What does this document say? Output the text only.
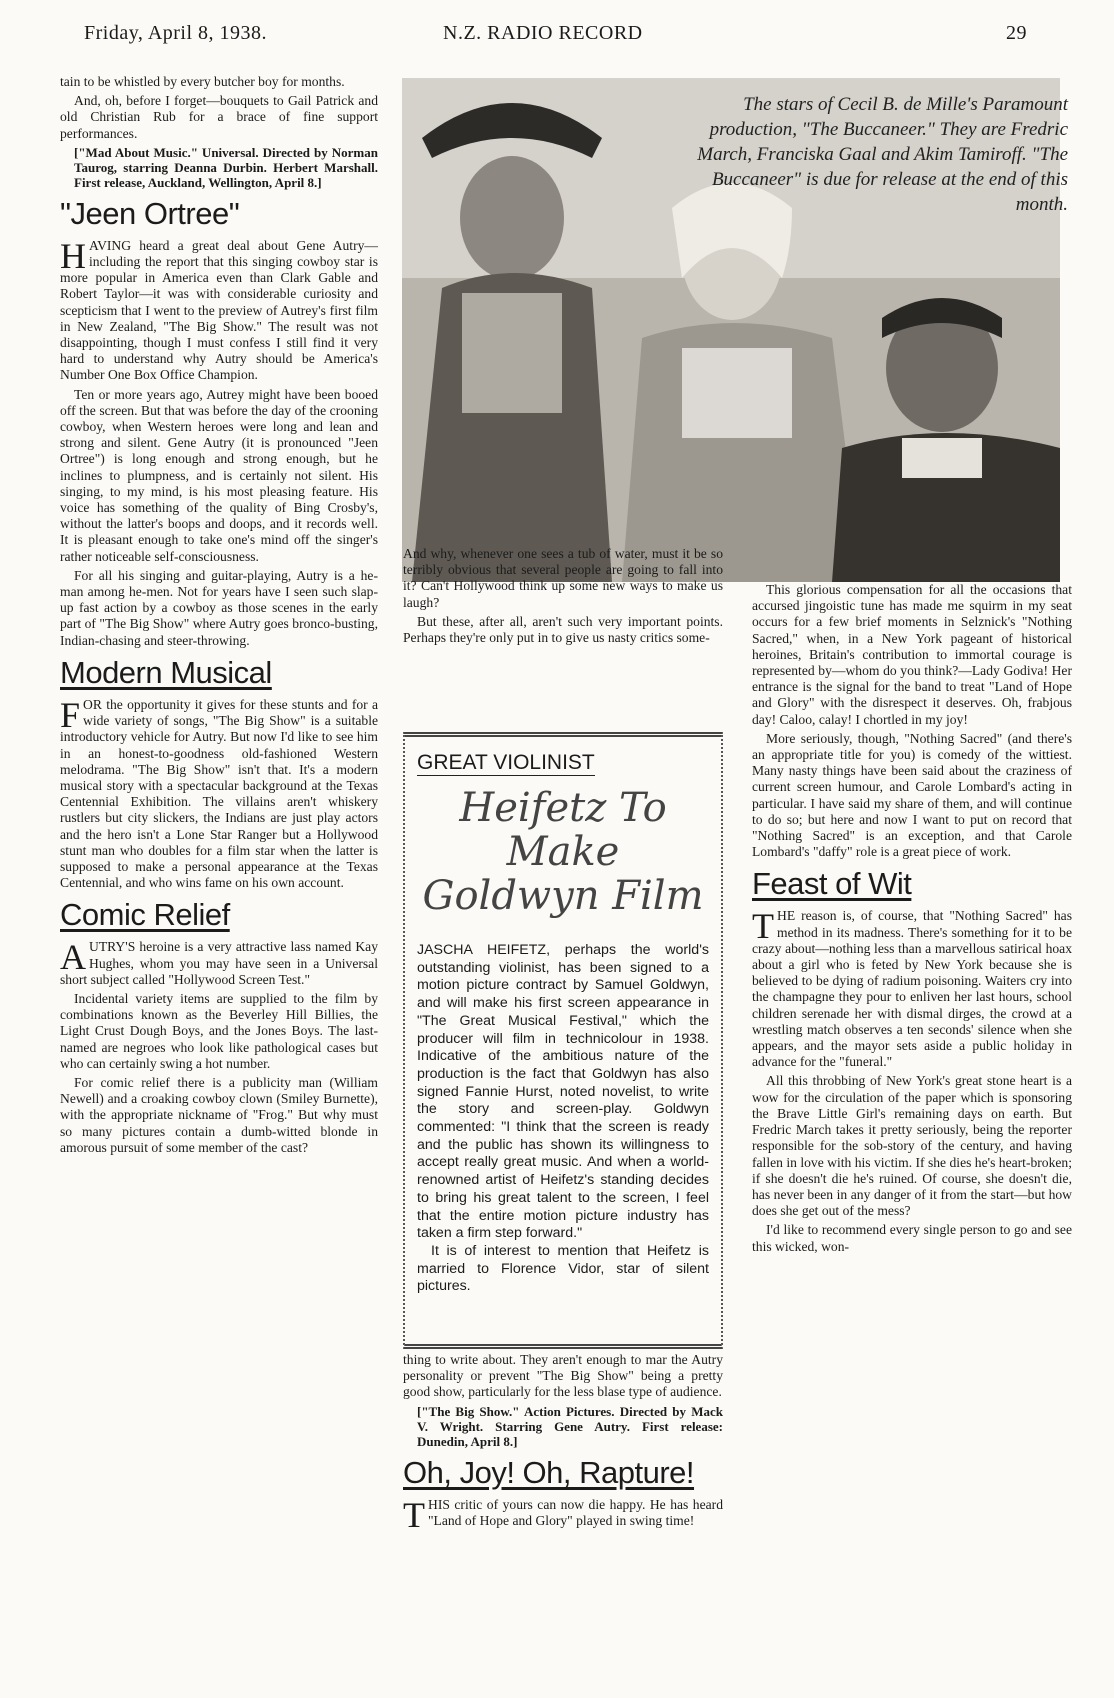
Friday, April 8, 1938.	N.Z. RADIO RECORD	29

tain to be whistled by every butcher boy for months.

And, oh, before I forget—bouquets to Gail Patrick and old Christian Rub for a brace of fine support performances.

["Mad About Music." Universal. Directed by Norman Taurog, starring Deanna Durbin. Herbert Marshall. First release, Auckland, Wellington, April 8.]

"Jeen Ortree"

HAVING heard a great deal about Gene Autry—including the report that this singing cowboy star is more popular in America even than Clark Gable and Robert Taylor—it was with considerable curiosity and scepticism that I went to the preview of Autrey's first film in New Zealand, "The Big Show." The result was not disappointing, though I must confess I still find it very hard to understand why Autry should be America's Number One Box Office Champion.

Ten or more years ago, Autrey might have been booed off the screen. But that was before the day of the crooning cowboy, when Western heroes were long and lean and strong and silent. Gene Autry (it is pronounced "Jeen Ortree") is long enough and strong enough, but he inclines to plumpness, and is certainly not silent. His singing, to my mind, is his most pleasing feature. His voice has something of the quality of Bing Crosby's, without the latter's boops and doops, and it records well. It is pleasant enough to take one's mind off the singer's rather noticeable self-consciousness.

For all his singing and guitar-playing, Autry is a he-man among he-men. Not for years have I seen such slap-up fast action by a cowboy as those scenes in the early part of "The Big Show" where Autry goes bronco-busting, Indian-chasing and steer-throwing.

Modern Musical

FOR the opportunity it gives for these stunts and for a wide variety of songs, "The Big Show" is a suitable introductory vehicle for Autry. But now I'd like to see him in an honest-to-goodness old-fashioned Western melodrama. "The Big Show" isn't that. It's a modern musical story with a spectacular background at the Texas Centennial Exhibition. The villains aren't whiskery rustlers but city slickers, the Indians are just play actors and the hero isn't a Lone Star Ranger but a Hollywood stunt man who doubles for a film star when the latter is supposed to make a personal appearance at the Texas Centennial, and who wins fame on his own account.

Comic Relief

AUTRY'S heroine is a very attractive lass named Kay Hughes, whom you may have seen in a Universal short subject called "Hollywood Screen Test."

Incidental variety items are supplied to the film by combinations known as the Beverley Hill Billies, the Light Crust Dough Boys, and the Jones Boys. The last-named are negroes who look like pathological cases but who can certainly swing a hot number.

For comic relief there is a publicity man (William Newell) and a croaking cowboy clown (Smiley Burnette), with the appropriate nickname of "Frog." But why must so many pictures contain a dumb-witted blonde in amorous pursuit of some member of the cast?

The stars of Cecil B. de Mille's Paramount production, "The Buccaneer." They are Fredric March, Franciska Gaal and Akim Tamiroff. "The Buccaneer" is due for release at the end of this month.

And why, whenever one sees a tub of water, must it be so terribly obvious that several people are going to fall into it? Can't Hollywood think up some new ways to make us laugh?

But these, after all, aren't such very important points. Perhaps they're only put in to give us nasty critics some-

GREAT VIOLINIST
Heifetz To Make
Goldwyn Film

JASCHA HEIFETZ, perhaps the world's outstanding violinist, has been signed to a motion picture contract by Samuel Goldwyn, and will make his first screen appearance in "The Great Musical Festival," which the producer will film in technicolour in 1938. Indicative of the ambitious nature of the production is the fact that Goldwyn has also signed Fannie Hurst, noted novelist, to write the story and screen-play. Goldwyn commented: "I think that the screen is ready and the public has shown its willingness to accept really great music. And when a world-renowned artist of Heifetz's standing decides to bring his great talent to the screen, I feel that the entire motion picture industry has taken a firm step forward."

It is of interest to mention that Heifetz is married to Florence Vidor, star of silent pictures.

thing to write about. They aren't enough to mar the Autry personality or prevent "The Big Show" being a pretty good show, particularly for the less blase type of audience.

["The Big Show." Action Pictures. Directed by Mack V. Wright. Starring Gene Autry. First release: Dunedin, April 8.]

Oh, Joy! Oh, Rapture!

THIS critic of yours can now die happy. He has heard "Land of Hope and Glory" played in swing time!

This glorious compensation for all the occasions that accursed jingoistic tune has made me squirm in my seat occurs for a few brief moments in Selznick's "Nothing Sacred," when, in a New York pageant of historical heroines, Britain's contribution to immortal courage is represented by—whom do you think?—Lady Godiva! Her entrance is the signal for the band to treat "Land of Hope and Glory" with the disrespect it deserves. Oh, frabjous day! Caloo, calay! I chortled in my joy!

More seriously, though, "Nothing Sacred" (and there's an appropriate title for you) is comedy of the wittiest. Many nasty things have been said about the craziness of current screen humour, and Carole Lombard's acting in particular. I have said my share of them, and will continue to do so; but here and now I want to put on record that "Nothing Sacred" is an exception, and that Carole Lombard's "daffy" role is a great piece of work.

Feast of Wit

THE reason is, of course, that "Nothing Sacred" has method in its madness. There's something for it to be crazy about—nothing less than a marvellous satirical hoax about a girl who is feted by New York because she is believed to be dying of radium poisoning. Waiters cry into the champagne they pour to enliven her last hours, school children serenade her with dismal dirges, the crowd at a wrestling match observes a ten seconds' silence when she appears, and the mayor sets aside a public holiday in advance for the "funeral."

All this throbbing of New York's great stone heart is a wow for the circulation of the paper which is sponsoring the Brave Little Girl's remaining days on earth. But Fredric March takes it pretty seriously, being the reporter responsible for the sob-story of the century, and having fallen in love with his victim. If she dies he's heart-broken; if she doesn't die he's ruined. Of course, she doesn't die, has never been in any danger of it from the start—but how does she get out of the mess?

I'd like to recommend every single person to go and see this wicked, won-
